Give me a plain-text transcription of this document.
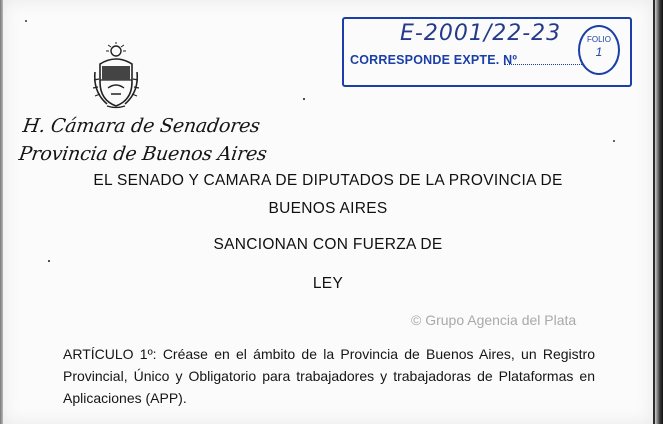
H. Cámara de Senadores
Provincia de Buenos Aires
E-2001/22-23
CORRESPONDE EXPTE. Nº
FOLIO
1
EL SENADO Y CAMARA DE DIPUTADOS DE LA PROVINCIA DE
BUENOS AIRES
SANCIONAN CON FUERZA DE
LEY
© Grupo Agencia del Plata
ARTÍCULO 1º: Créase en el ámbito de la Provincia de Buenos Aires, un Registro
Provincial, Único y Obligatorio para trabajadores y trabajadoras de Plataformas en
Aplicaciones (APP).
